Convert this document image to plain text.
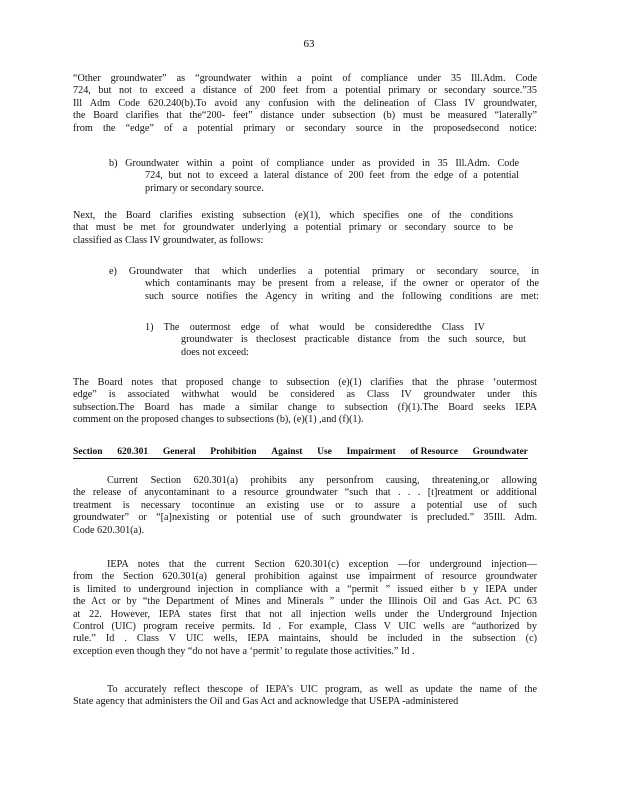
63
“Other groundwater” as “groundwater within a point of compliance under 35 Ill.Adm. Code
724, but not to exceed a distance of 200 feet from a potential primary or secondary source.”35
Ill Adm Code 620.240(b).To avoid any confusion with the delineation of Class IV groundwater,
the Board clarifies that the“200- feet” distance under subsection (b) must be measured “laterally”
from the “edge” of a potential primary or secondary source in the proposedsecond notice:
b) Groundwater within a point of compliance under as provided in 35 Ill.Adm. Code
724, but not to exceed a lateral distance of 200 feet from the edge of a potential
primary or secondary source.
Next, the Board clarifies existing subsection (e)(1), which specifies one of the conditions
that must be met for groundwater underlying a potential primary or secondary source to be
classified as Class IV groundwater, as follows:
e) Groundwater that which underlies a potential primary or secondary source, in
which contaminants may be present from a release, if the owner or operator of the
such source notifies the Agency in writing and the following conditions are met:
1) The outermost edge of what would be consideredthe Class IV
groundwater is theclosest practicable distance from the such source, but
does not exceed:
The Board notes that proposed change to subsection (e)(1) clarifies that the phrase ‘outermost
edge” is associated withwhat would be considered as Class IV groundwater under this
subsection.The Board has made a similar change to subsection (f)(1).The Board seeks IEPA
comment on the proposed changes to subsections (b), (e)(1) ,and (f)(1).
Section 620.301 General Prohibition Against Use Impairment of Resource Groundwater
Current Section 620.301(a) prohibits any personfrom causing, threatening,or allowing
the release of anycontaminant to a resource groundwater “such that . . . [t]reatment or additional
treatment is necessary tocontinue an existing use or to assure a potential use of such
groundwater” or “[a]nexisting or potential use of such groundwater is precluded.” 35Ill. Adm.
Code 620.301(a).
IEPA notes that the current Section 620.301(c) exception —for underground injection—
from the Section 620.301(a) general prohibition against use impairment of resource groundwater
is limited to underground injection in compliance with a “permit ” issued either b y IEPA under
the Act or by “the Department of Mines and Minerals ” under the Illinois Oil and Gas Act. PC 63
at 22. However, IEPA states first that not all injection wells under the Underground Injection
Control (UIC) program receive permits. Id . For example, Class V UIC wells are “authorized by
rule.” Id . Class V UIC wells, IEPA maintains, should be included in the subsection (c)
exception even though they “do not have a ‘permit’ to regulate those activities.” Id .
To accurately reflect thescope of IEPA’s UIC program, as well as update the name of the
State agency that administers the Oil and Gas Act and acknowledge that USEPA -administered
